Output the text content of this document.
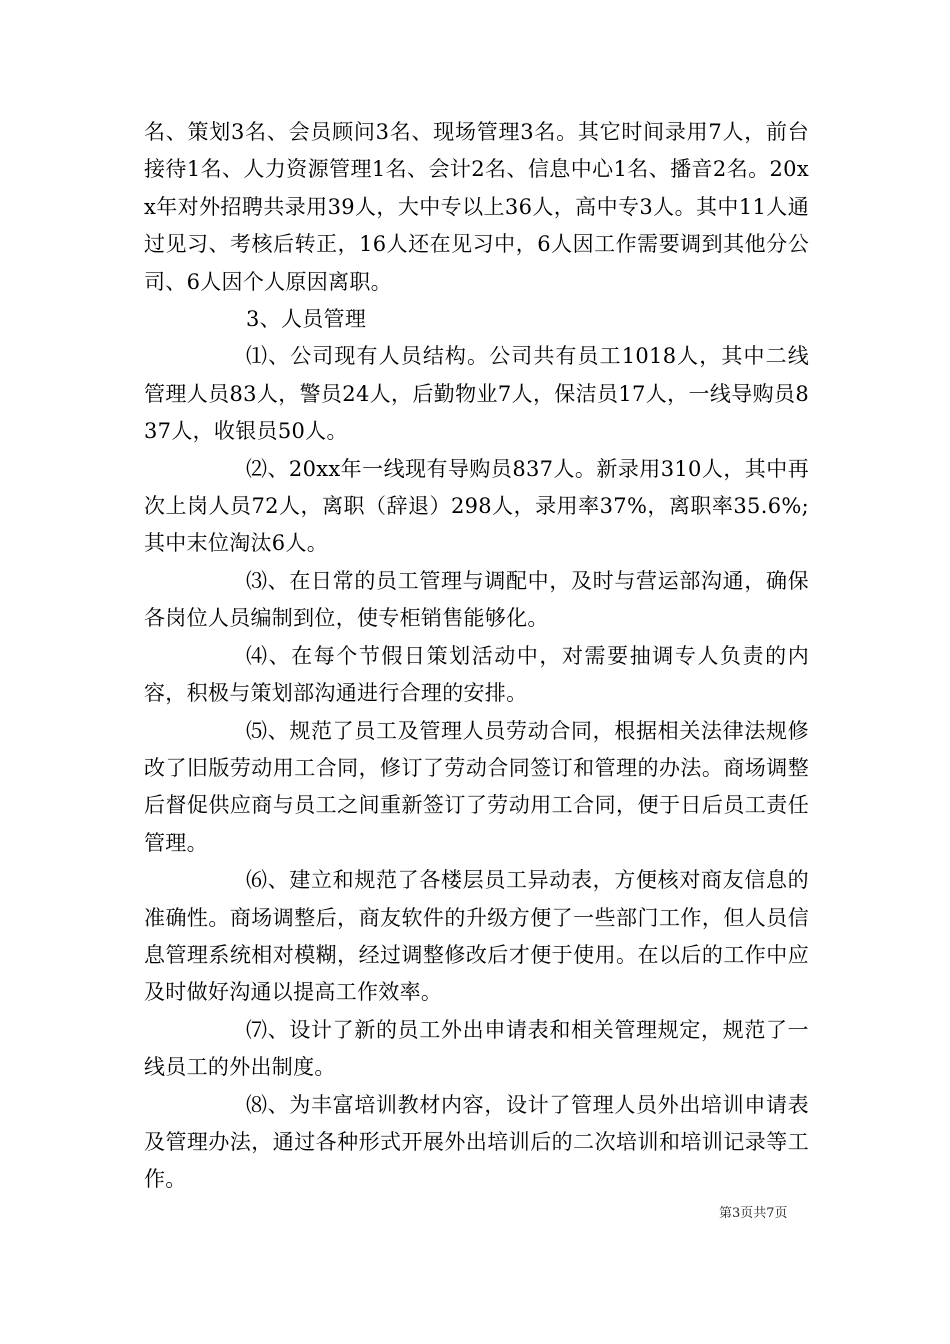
名、策划3名、会员顾问3名、现场管理3名。其它时间录用7人，前台接待1名、人力资源管理1名、会计2名、信息中心1名、播音2名。20xx年对外招聘共录用39人，大中专以上36人，高中专3人。其中11人通过见习、考核后转正，16人还在见习中，6人因工作需要调到其他分公司、6人因个人原因离职。

3、人员管理

⑴、公司现有人员结构。公司共有员工1018人，其中二线管理人员83人，警员24人，后勤物业7人，保洁员17人，一线导购员837人，收银员50人。

⑵、20xx年一线现有导购员837人。新录用310人，其中再次上岗人员72人，离职（辞退）298人，录用率37%，离职率35.6%;其中末位淘汰6人。

⑶、在日常的员工管理与调配中，及时与营运部沟通，确保各岗位人员编制到位，使专柜销售能够化。

⑷、在每个节假日策划活动中，对需要抽调专人负责的内容，积极与策划部沟通进行合理的安排。

⑸、规范了员工及管理人员劳动合同，根据相关法律法规修改了旧版劳动用工合同，修订了劳动合同签订和管理的办法。商场调整后督促供应商与员工之间重新签订了劳动用工合同，便于日后员工责任管理。

⑹、建立和规范了各楼层员工异动表，方便核对商友信息的准确性。商场调整后，商友软件的升级方便了一些部门工作，但人员信息管理系统相对模糊，经过调整修改后才便于使用。在以后的工作中应及时做好沟通以提高工作效率。

⑺、设计了新的员工外出申请表和相关管理规定，规范了一线员工的外出制度。

⑻、为丰富培训教材内容，设计了管理人员外出培训申请表及管理办法，通过各种形式开展外出培训后的二次培训和培训记录等工作。

第3页共7页
